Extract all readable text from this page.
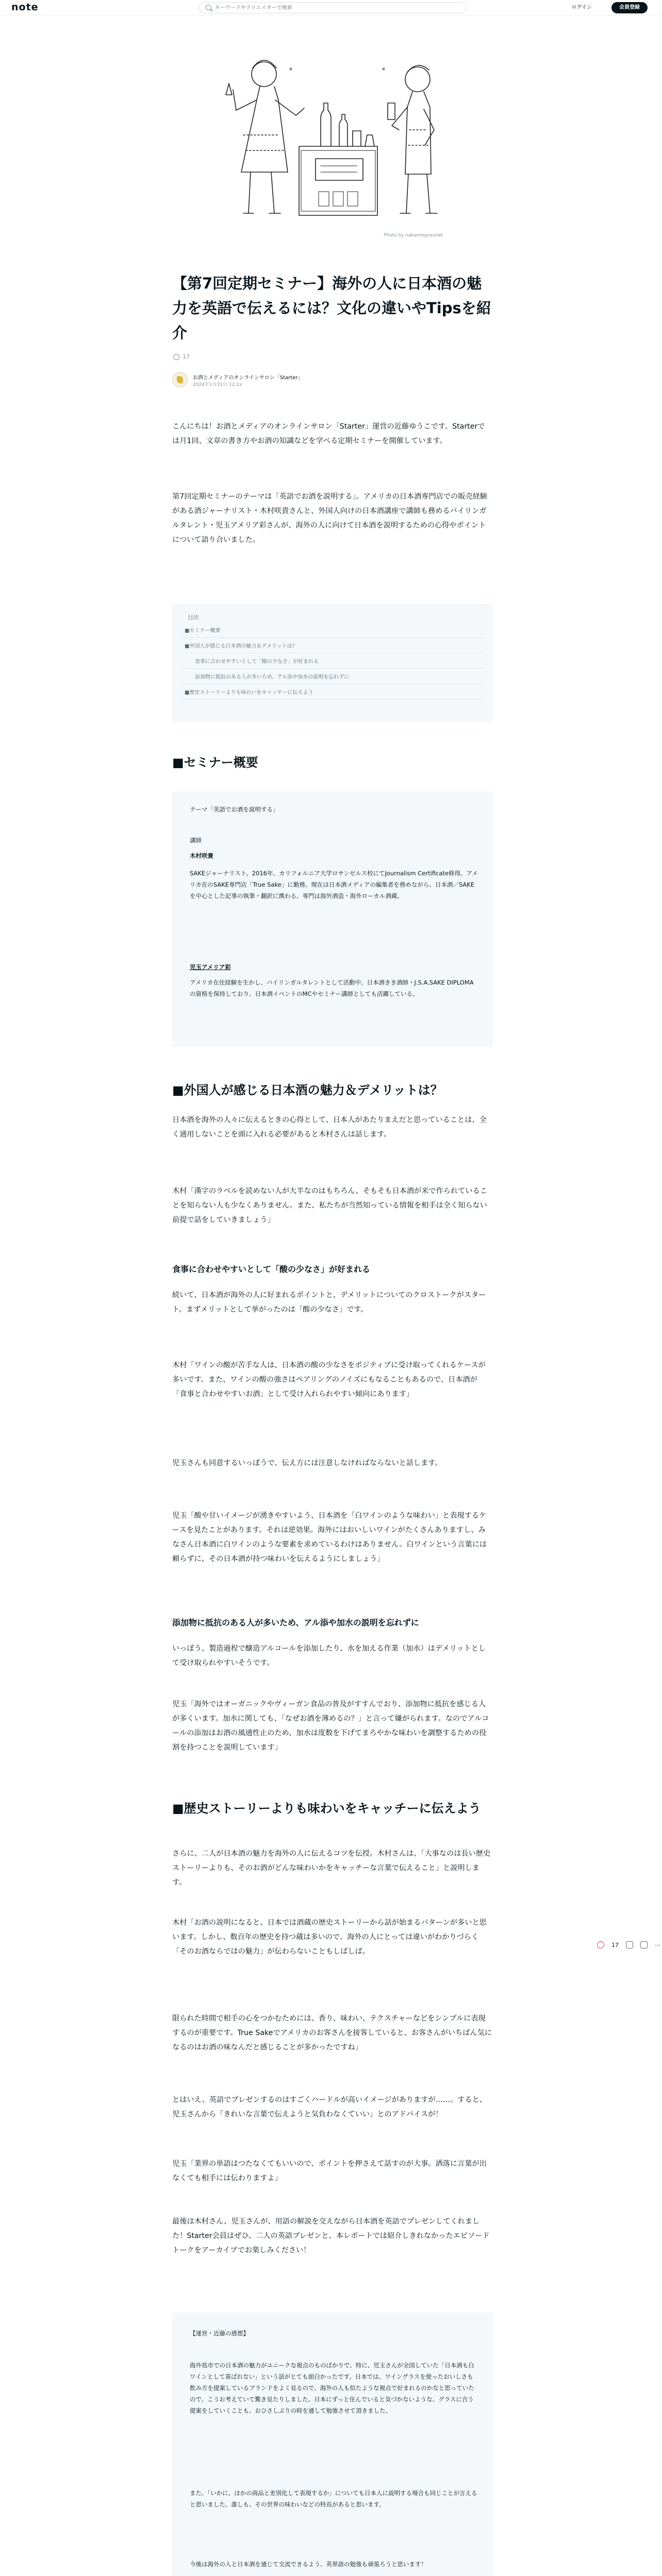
note
キーワードやクリエイターで検索	ログイン	会員登録
Photo by nakamogusunet
【第7回定期セミナー】海外の人に日本酒の魅力を英語で伝えるには？文化の違いやTipsを紹介
17
お酒とメディアのオンラインサロン「Starter」
2024年1月31日 12:1x

こんにちは！お酒とメディアのオンラインサロン「Starter」運営の近藤ゆうこです。Starterでは月1回、文章の書き方やお酒の知識などを学べる定期セミナーを開催しています。

第7回定期セミナーのテーマは「英語でお酒を説明する」。アメリカの日本酒専門店での販売経験がある酒ジャーナリスト・木村咲貴さんと、外国人向けの日本酒講座で講師も務めるバイリンガルタレント・児玉アメリア彩さんが、海外の人に向けて日本酒を説明するための心得やポイントについて語り合いました。

目次
■セミナー概要
■外国人が感じる日本酒の魅力＆デメリットは？
食事に合わせやすいとして「酸の少なさ」が好まれる
添加物に抵抗のある人が多いため、アル添や加水の説明を忘れずに
■歴史ストーリーよりも味わいをキャッチーに伝えよう
■セミナー概要
テーマ「英語でお酒を説明する」
講師
木村咲貴
SAKEジャーナリスト。2016年、カリフォルニア大学ロサンゼルス校にてJournalism Certificate修得。アメリカ在のSAKE専門店「True Sake」に勤務。現在は日本酒メディアの編集者を務めながら、日本酒／SAKEを中心とした記事の執筆・翻訳に携わる。専門は海外酒造・海外ローカル酒蔵。
児玉アメリア彩
アメリカ在住経験を生かし、バイリンガルタレントとして活動中。日本酒きき酒師・J.S.A.SAKE DIPLOMAの資格を保持しており、日本酒イベントのMCやセミナー講師としても活躍している。
■外国人が感じる日本酒の魅力＆デメリットは？

日本酒を海外の人々に伝えるときの心得として、日本人があたりまえだと思っていることは、全く通用しないことを頭に入れる必要があると木村さんは話します。

木村「漢字のラベルを読めない人が大半なのはもちろん、そもそも日本酒が米で作られていることを知らない人も少なくありません。また、私たちが当然知っている情報を相手は全く知らない前提で話をしていきましょう」

食事に合わせやすいとして「酸の少なさ」が好まれる

続いて、日本酒が海外の人に好まれるポイントと、デメリットについてのクロストークがスタート。まずメリットとして挙がったのは「酸の少なさ」です。

木村「ワインの酸が苦手な人は、日本酒の酸の少なさをポジティブに受け取ってくれるケースが多いです。また、ワインの酸の強さはペアリングのノイズにもなることもあるので、日本酒が「食事と合わせやすいお酒」として受け入れられやすい傾向にあります」

児玉さんも同意するいっぽうで、伝え方には注意しなければならないと話します。

児玉「酸や甘いイメージが湧きやすいよう、日本酒を「白ワインのような味わい」と表現するケースを見たことがあります。それは逆効果。海外にはおいしいワインがたくさんありますし、みなさん日本酒に白ワインのような要素を求めているわけはありません。白ワインという言葉には頼らずに、その日本酒が持つ味わいを伝えるようにしましょう」

添加物に抵抗のある人が多いため、アル添や加水の説明を忘れずに

いっぽう、製造過程で醸造アルコールを添加したり、水を加える作業（加水）はデメリットとして受け取られやすいそうです。

児玉「海外ではオーガニックやヴィーガン食品の普及がすすんでおり、添加物に抵抗を感じる人が多くいます。加水に関しても、「なぜお酒を薄めるの？」と言って嫌がられます。なのでアルコールの添加はお酒の風通性止のため、加水は度数を下げてまろやかな味わいを調整するための役割を持つことを説明しています」

■歴史ストーリーよりも味わいをキャッチーに伝えよう

さらに、二人が日本酒の魅力を海外の人に伝えるコツを伝授。木村さんは、「大事なのは長い歴史ストーリーよりも、そのお酒がどんな味わいかをキャッチーな言葉で伝えること」と説明します。

木村「お酒の説明になると、日本では酒蔵の歴史ストーリーから話が始まるパターンが多いと思います。しかし、数百年の歴史を持つ蔵は多いので、海外の人にとっては違いがわかりづらく「そのお酒ならではの魅力」が伝わらないこともしばしば。

限られた時間で相手の心をつかむためには、香り、味わい、テクスチャーなどをシンプルに表現するのが重要です。True Sakeでアメリカのお客さんを接客していると、お客さんがいちばん気になるのはお酒の味なんだと感じることが多かったですね」

とはいえ、英語でプレゼンするのはすごくハードルが高いイメージがありますが……。すると、児玉さんから「きれいな言葉で伝えようと気負わなくていい」とのアドバイスが！

児玉「業界の単語はつたなくてもいいので、ポイントを押さえて話すのが大事。洒落に言葉が出なくても相手には伝わりますよ」

最後は木村さん、児玉さんが、用語の解説を交えながら日本酒を英語でプレゼンしてくれました！Starter会員はぜひ、二人の英語プレゼンと、本レポートでは紹介しきれなかったエピソードトークをアーカイブでお楽しみください！

【運営・近藤の感想】
海外処市での日本酒の魅力がユニークな視点のものばかりで、特に、児玉さんが全国していた「日本酒も白ワインとして喜ばれない」という話がとても面白かったです。日本では、ワイングラスを使ったおいしさも飲み方を提案しているブランドをよく見るので、海外の人も似たような視点で好まれるのかなと思っていたので、こうお考えていて驚き見たりしました。日本にずっと住んでいると気づかないような、グラスに合う提案をしていくことも、おひさしぶりの時を通して勉強させて頂きました。
また、「いかに、ほかの商品と差別化して表現するか」についても日本人に説明する場合も同じことが言えると思いました。誰しも、その世界の味わいなどの特長があると思います。
今後は海外の人と日本酒を通じて交流できるよう、英単語の勉強も頑張ろうと思います！

17	⋯
